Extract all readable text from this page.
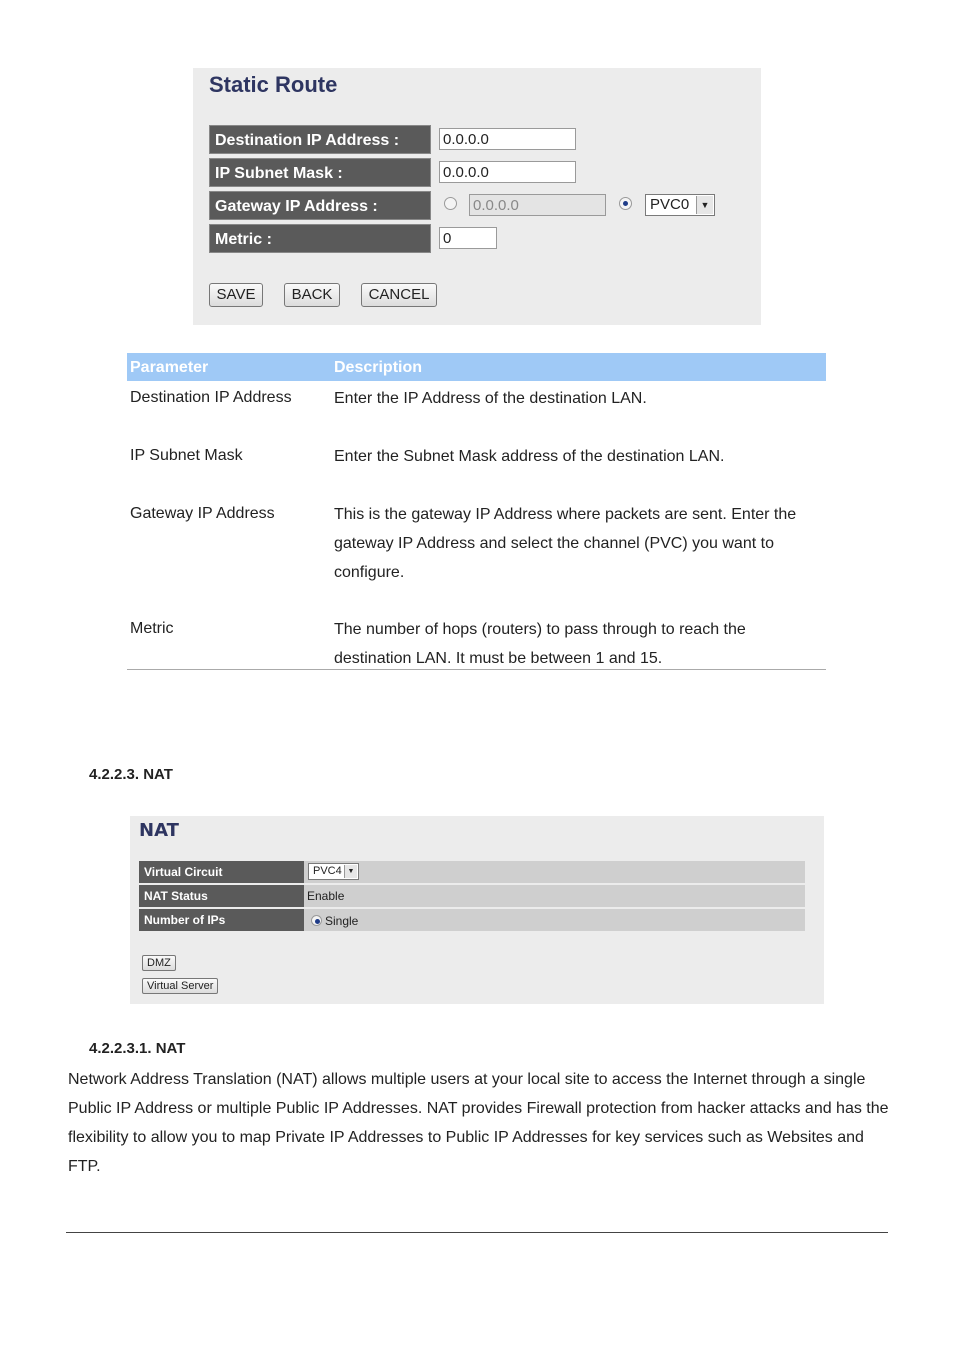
Static Route
Destination IP Address :	0.0.0.0
IP Subnet Mask :	0.0.0.0
Gateway IP Address :	0.0.0.0	PVC0	▼
Metric :	0
SAVE	BACK	CANCEL
Parameter	Description
Destination IP Address	Enter the IP Address of the destination LAN.
IP Subnet Mask	Enter the Subnet Mask address of the destination LAN.
Gateway IP Address	This is the gateway IP Address where packets are sent. Enter the gateway IP Address and select the channel (PVC) you want to configure.
Metric	The number of hops (routers) to pass through to reach the destination LAN. It must be between 1 and 15.
4.2.2.3. NAT
NAT
Virtual Circuit	PVC4 ▼
NAT Status	Enable
Number of IPs	Single
DMZ
Virtual Server
4.2.2.3.1. NAT
Network Address Translation (NAT) allows multiple users at your local site to access the Internet through a single Public IP Address or multiple Public IP Addresses. NAT provides Firewall protection from hacker attacks and has the flexibility to allow you to map Private IP Addresses to Public IP Addresses for key services such as Websites and FTP.
